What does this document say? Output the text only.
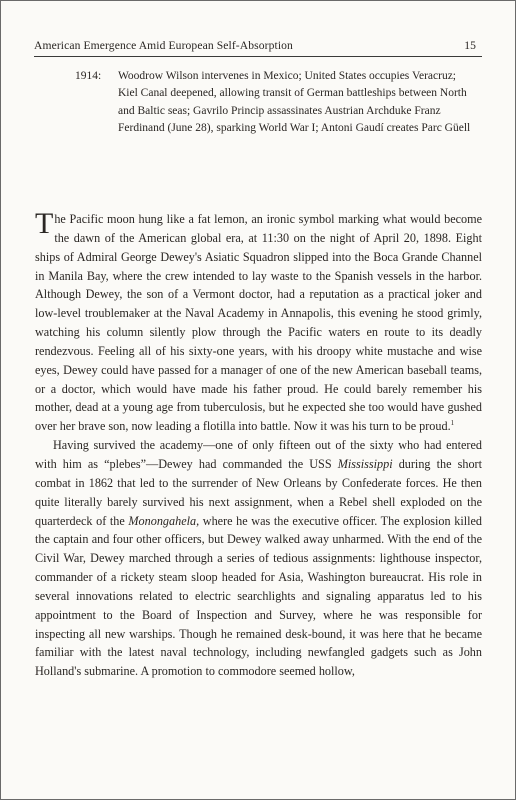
American Emergence Amid European Self-Absorption	15
1914: Woodrow Wilson intervenes in Mexico; United States occupies Veracruz; Kiel Canal deepened, allowing transit of German battleships between North and Baltic seas; Gavrilo Princip assassinates Austrian Archduke Franz Ferdinand (June 28), sparking World War I; Antoni Gaudí creates Parc Güell

The Pacific moon hung like a fat lemon, an ironic symbol marking what would become the dawn of the American global era, at 11:30 on the night of April 20, 1898. Eight ships of Admiral George Dewey's Asiatic Squadron slipped into the Boca Grande Channel in Manila Bay, where the crew intended to lay waste to the Spanish vessels in the harbor. Although Dewey, the son of a Vermont doctor, had a reputation as a practical joker and low-level troublemaker at the Naval Academy in Annapolis, this evening he stood grimly, watching his column silently plow through the Pacific waters en route to its deadly rendezvous. Feeling all of his sixty-one years, with his droopy white mustache and wise eyes, Dewey could have passed for a manager of one of the new American baseball teams, or a doctor, which would have made his father proud. He could barely remember his mother, dead at a young age from tuberculosis, but he expected she too would have gushed over her brave son, now leading a flotilla into battle. Now it was his turn to be proud.$^1$

Having survived the academy—one of only fifteen out of the sixty who had entered with him as “plebes”—Dewey had commanded the USS Mississippi during the short combat in 1862 that led to the surrender of New Orleans by Confederate forces. He then quite literally barely survived his next assignment, when a Rebel shell exploded on the quarterdeck of the Monongahela, where he was the executive officer. The explosion killed the captain and four other officers, but Dewey walked away unharmed. With the end of the Civil War, Dewey marched through a series of tedious assignments: lighthouse inspector, commander of a rickety steam sloop headed for Asia, Washington bureaucrat. His role in several innovations related to electric searchlights and signaling apparatus led to his appointment to the Board of Inspection and Survey, where he was responsible for inspecting all new warships. Though he remained desk-bound, it was here that he became familiar with the latest naval technology, including newfangled gadgets such as John Holland's submarine. A promotion to commodore seemed hollow,
